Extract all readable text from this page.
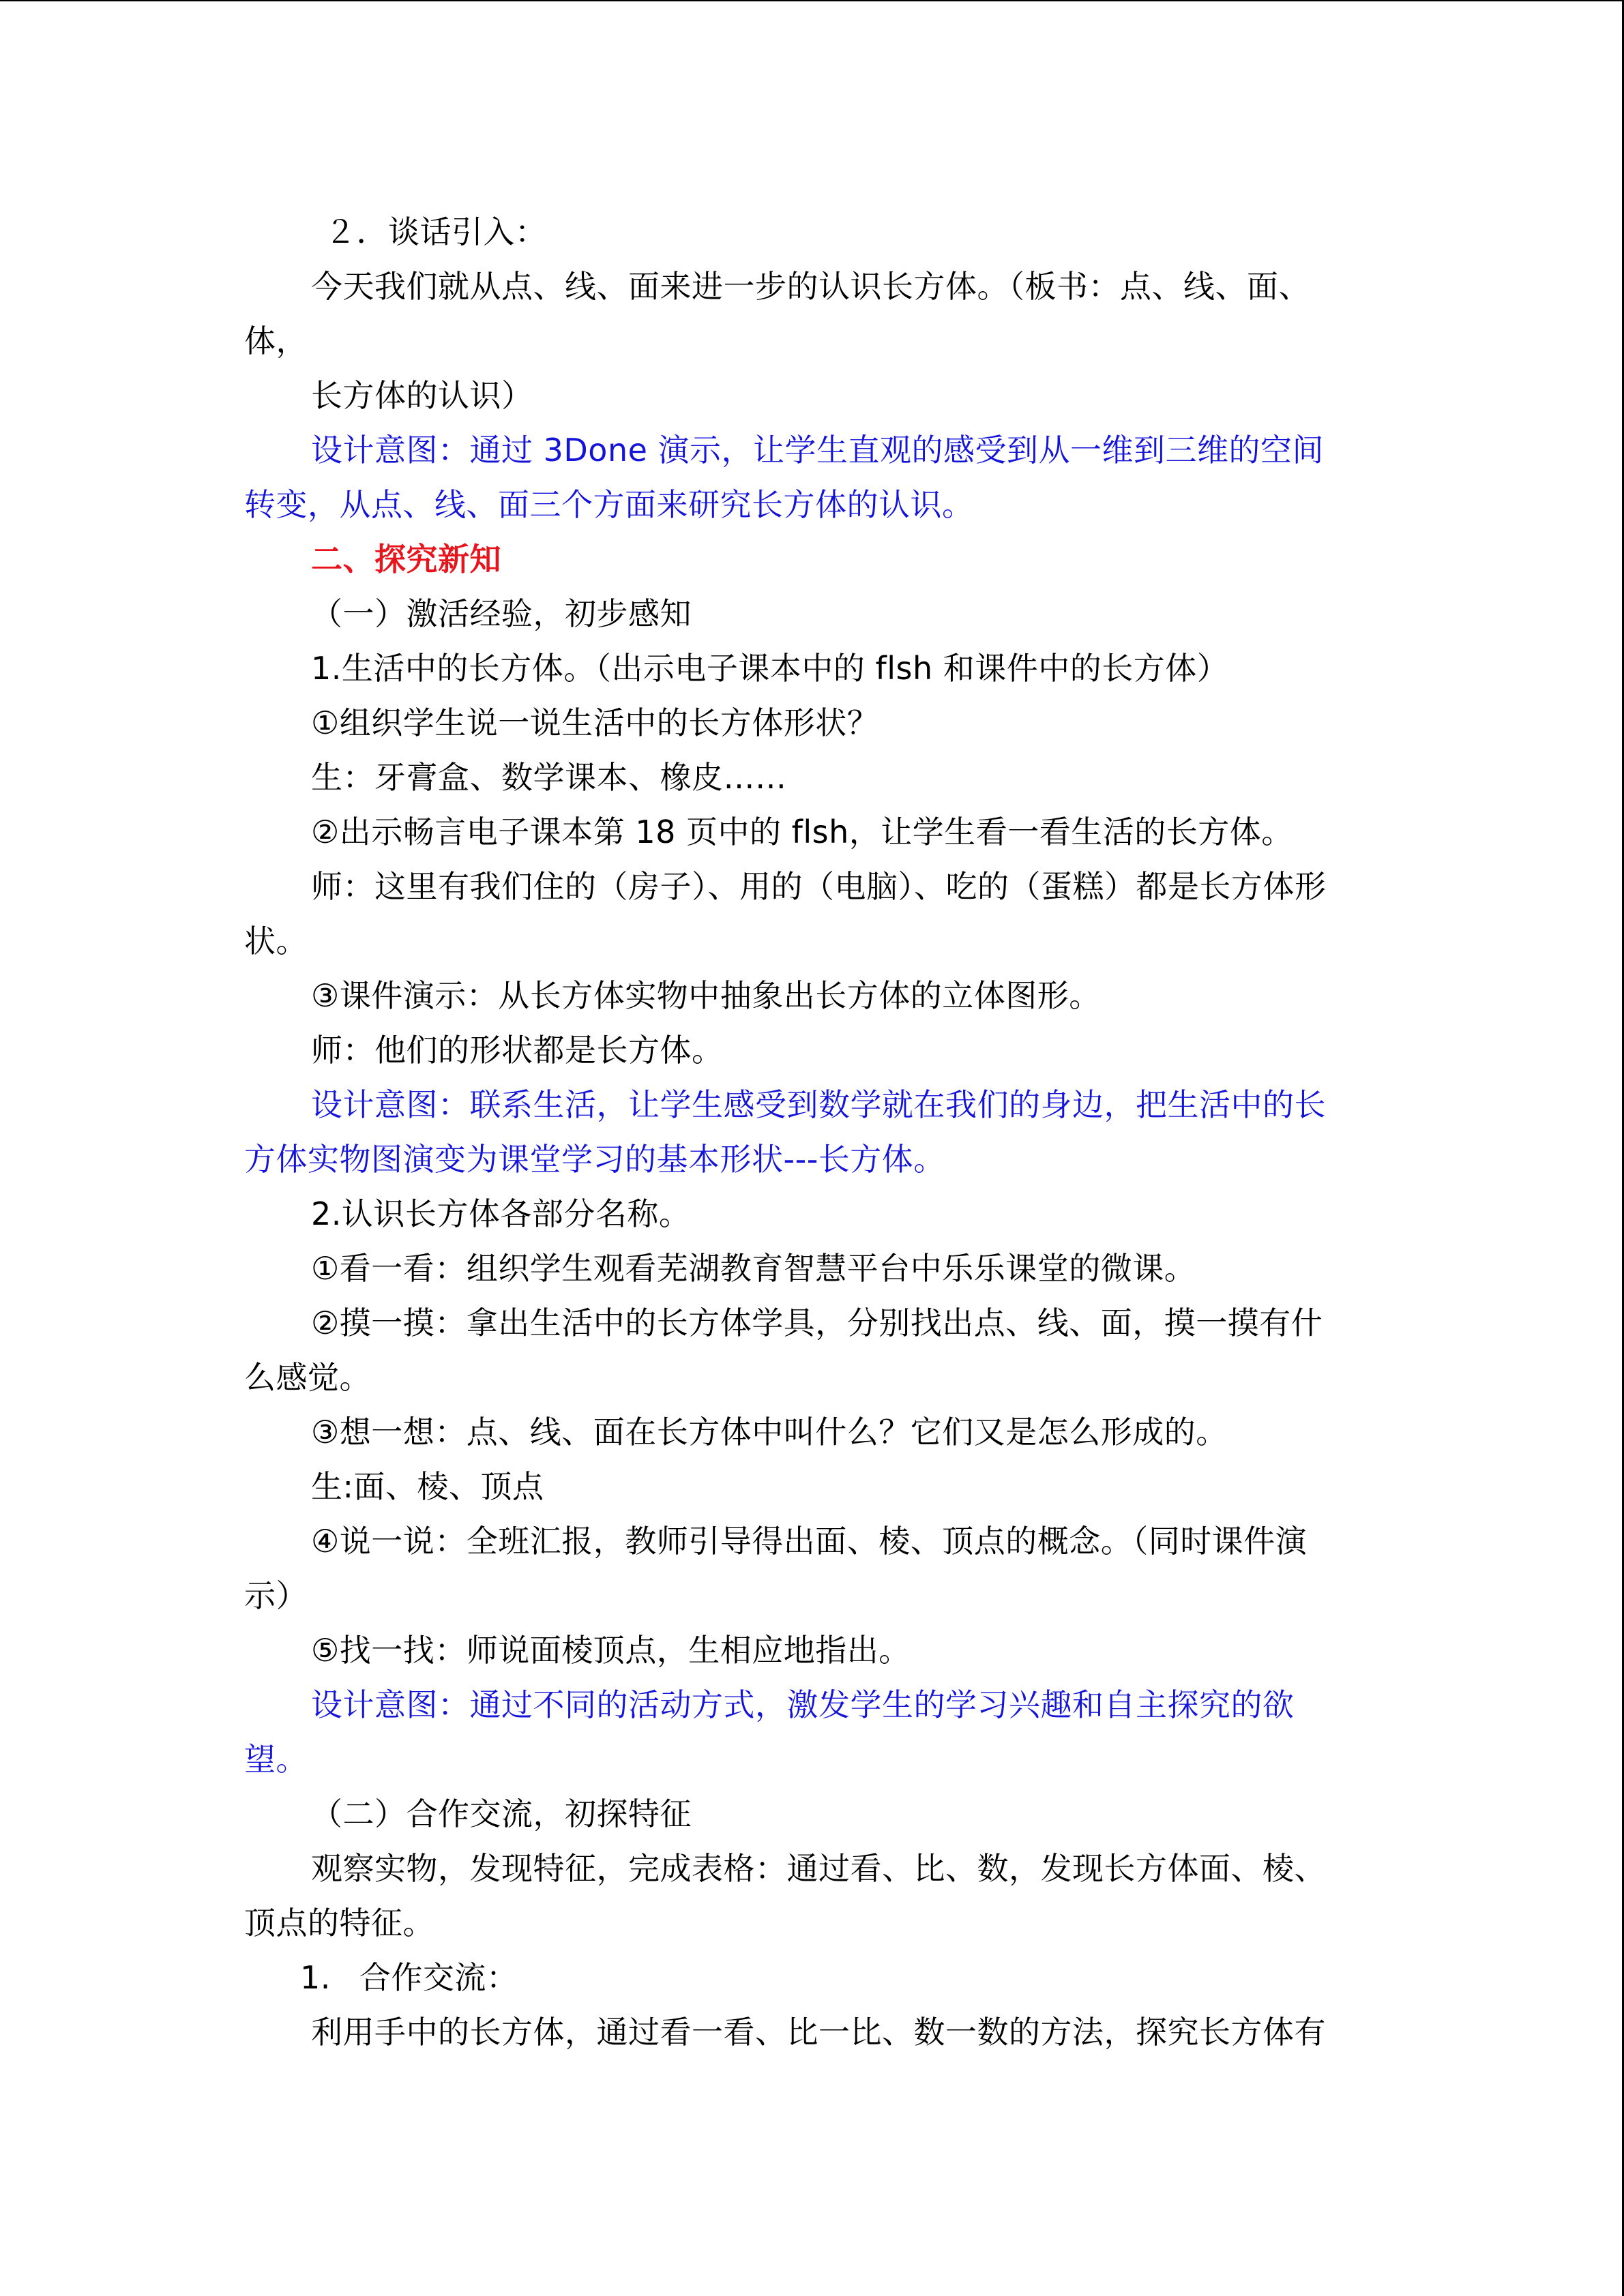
２．谈话引入：
今天我们就从点、线、面来进一步的认识长方体。（板书：点、线、面、
体，
长方体的认识）
设计意图：通过 3Done 演示，让学生直观的感受到从一维到三维的空间
转变，从点、线、面三个方面来研究长方体的认识。
二、探究新知
（一）激活经验，初步感知
1.生活中的长方体。（出示电子课本中的 flsh 和课件中的长方体）
①组织学生说一说生活中的长方体形状？
生：牙膏盒、数学课本、橡皮……
②出示畅言电子课本第 18 页中的 flsh，让学生看一看生活的长方体。
师：这里有我们住的（房子）、用的（电脑）、吃的（蛋糕）都是长方体形
状。
③课件演示：从长方体实物中抽象出长方体的立体图形。
师：他们的形状都是长方体。
设计意图：联系生活，让学生感受到数学就在我们的身边，把生活中的长
方体实物图演变为课堂学习的基本形状---长方体。
2.认识长方体各部分名称。
①看一看：组织学生观看芜湖教育智慧平台中乐乐课堂的微课。
②摸一摸：拿出生活中的长方体学具，分别找出点、线、面，摸一摸有什
么感觉。
③想一想：点、线、面在长方体中叫什么？它们又是怎么形成的。
生:面、棱、顶点
④说一说：全班汇报，教师引导得出面、棱、顶点的概念。（同时课件演
示）
⑤找一找：师说面棱顶点，生相应地指出。
设计意图：通过不同的活动方式，激发学生的学习兴趣和自主探究的欲
望。
（二）合作交流，初探特征
观察实物，发现特征，完成表格：通过看、比、数，发现长方体面、棱、
顶点的特征。
1. 合作交流：
利用手中的长方体，通过看一看、比一比、数一数的方法，探究长方体有
